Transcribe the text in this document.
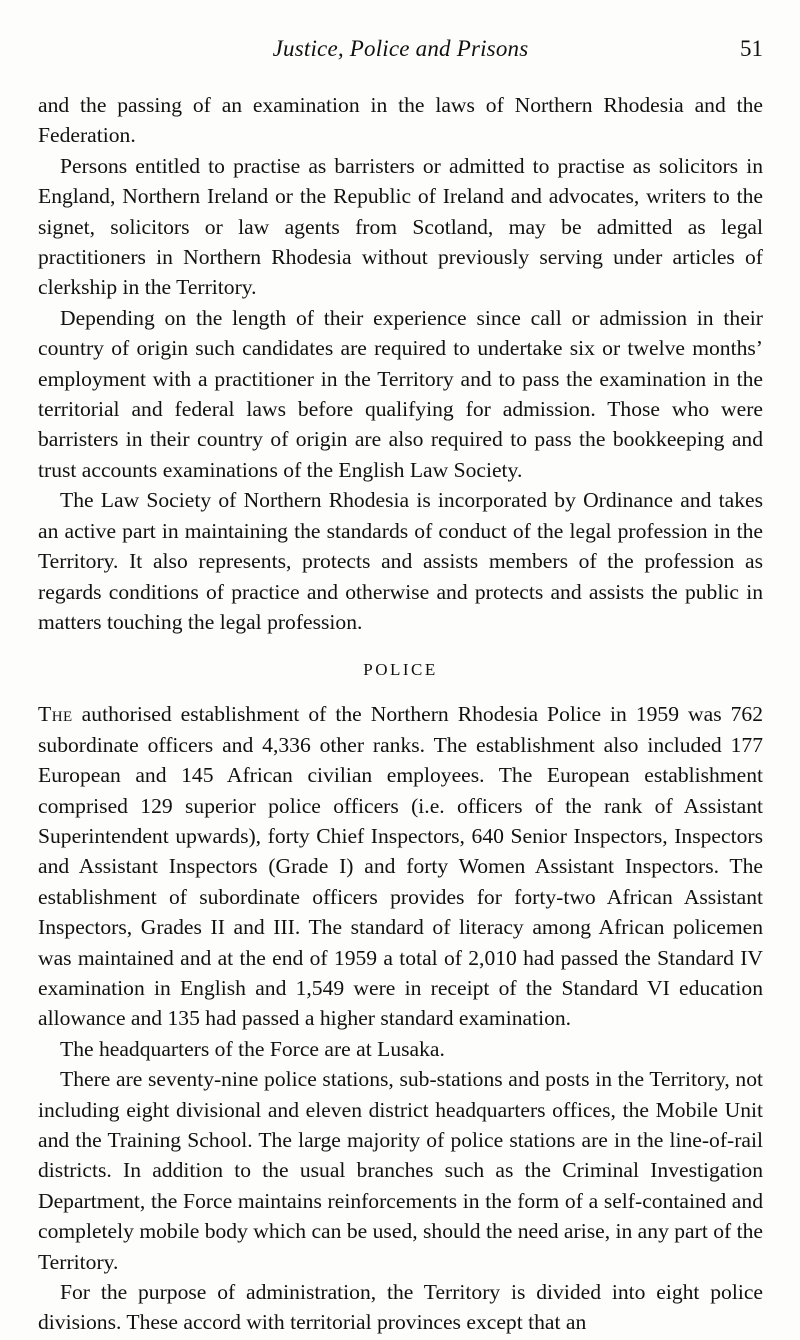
Justice, Police and Prisons	51

and the passing of an examination in the laws of Northern Rhodesia and the Federation.

Persons entitled to practise as barristers or admitted to practise as solicitors in England, Northern Ireland or the Republic of Ireland and advocates, writers to the signet, solicitors or law agents from Scotland, may be admitted as legal practitioners in Northern Rhodesia without previously serving under articles of clerkship in the Territory.

Depending on the length of their experience since call or admission in their country of origin such candidates are required to undertake six or twelve months’ employment with a practitioner in the Territory and to pass the examination in the territorial and federal laws before qualifying for admission. Those who were barristers in their country of origin are also required to pass the bookkeeping and trust accounts examinations of the English Law Society.

The Law Society of Northern Rhodesia is incorporated by Ordinance and takes an active part in maintaining the standards of conduct of the legal profession in the Territory. It also represents, protects and assists members of the profession as regards conditions of practice and otherwise and protects and assists the public in matters touching the legal profession.

POLICE

The authorised establishment of the Northern Rhodesia Police in 1959 was 762 subordinate officers and 4,336 other ranks. The establishment also included 177 European and 145 African civilian employees. The European establishment comprised 129 superior police officers (i.e. officers of the rank of Assistant Superintendent upwards), forty Chief Inspectors, 640 Senior Inspectors, Inspectors and Assistant Inspectors (Grade I) and forty Women Assistant Inspectors. The establishment of subordinate officers provides for forty-two African Assistant Inspectors, Grades II and III. The standard of literacy among African policemen was maintained and at the end of 1959 a total of 2,010 had passed the Standard IV examination in English and 1,549 were in receipt of the Standard VI education allowance and 135 had passed a higher standard examination.

The headquarters of the Force are at Lusaka.

There are seventy-nine police stations, sub-stations and posts in the Territory, not including eight divisional and eleven district headquarters offices, the Mobile Unit and the Training School. The large majority of police stations are in the line-of-rail districts. In addition to the usual branches such as the Criminal Investigation Department, the Force maintains reinforcements in the form of a self-contained and completely mobile body which can be used, should the need arise, in any part of the Territory.

For the purpose of administration, the Territory is divided into eight police divisions. These accord with territorial provinces except that an
